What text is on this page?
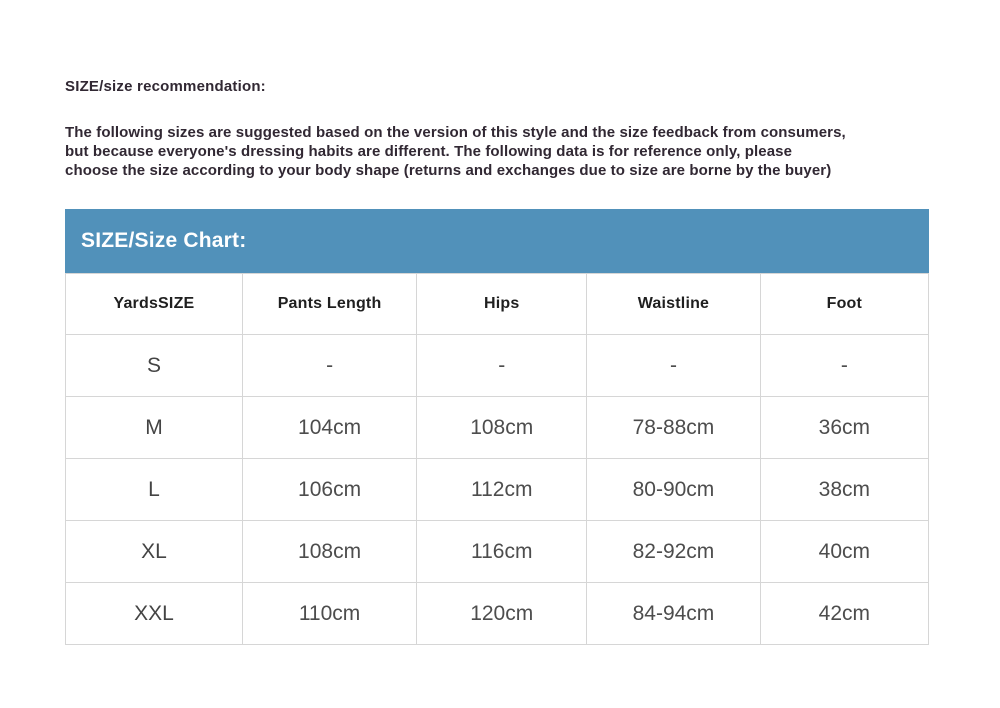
SIZE/size recommendation:

The following sizes are suggested based on the version of this style and the size feedback from consumers,
but because everyone's dressing habits are different. The following data is for reference only, please
choose the size according to your body shape (returns and exchanges due to size are borne by the buyer)

SIZE/Size Chart:
YardsSIZE	Pants Length	Hips	Waistline	Foot
S	-	-	-	-
M	104cm	108cm	78-88cm	36cm
L	106cm	112cm	80-90cm	38cm
XL	108cm	116cm	82-92cm	40cm
XXL	110cm	120cm	84-94cm	42cm
